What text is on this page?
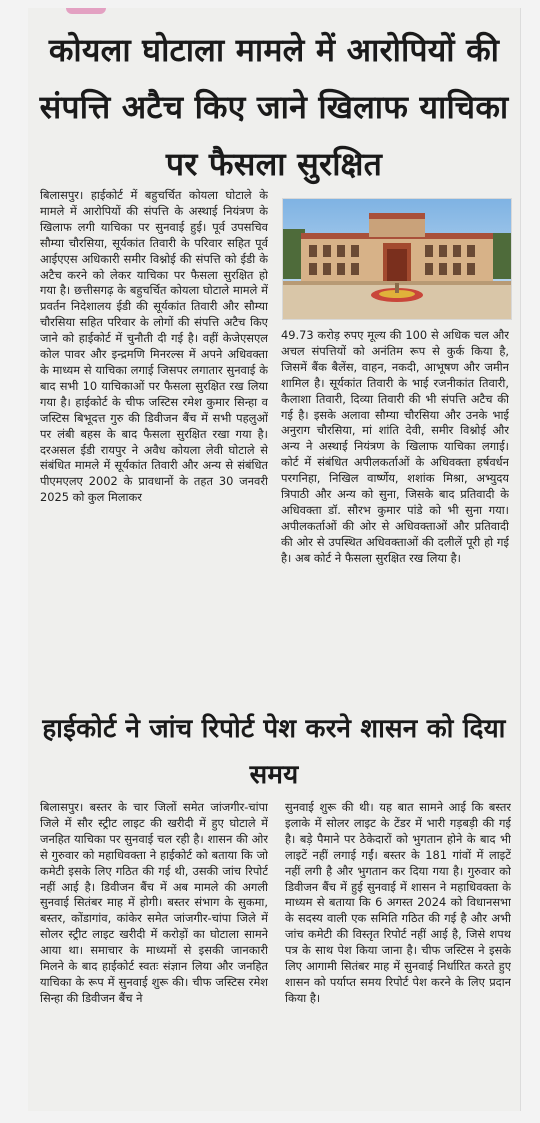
कोयला घोटाला मामले में आरोपियों की संपत्ति अटैच किए जाने खिलाफ याचिका पर फैसला सुरक्षित
बिलासपुर। हाईकोर्ट में बहुचर्चित कोयला घोटाले के मामले में आरोपियों की संपत्ति के अस्थाई नियंत्रण के खिलाफ लगी याचिका पर सुनवाई हुई। पूर्व उपसचिव सौम्या चौरसिया, सूर्यकांत तिवारी के परिवार सहित पूर्व आईएएस अधिकारी समीर विश्नोई की संपत्ति को ईडी के अटैच करने को लेकर याचिका पर फैसला सुरक्षित हो गया है। छत्तीसगढ़ के बहुचर्चित कोयला घोटाले मामले में प्रवर्तन निदेशालय ईडी की सूर्यकांत तिवारी और सौम्या चौरसिया सहित परिवार के लोगों की संपत्ति अटैच किए जाने को हाईकोर्ट में चुनौती दी गई है। वहीं केजेएसएल कोल पावर और इन्द्रमणि मिनरल्स में अपने अधिवक्ता के माध्यम से याचिका लगाई जिसपर लगातार सुनवाई के बाद सभी 10 याचिकाओं पर फैसला सुरक्षित रख लिया गया है। हाईकोर्ट के चीफ जस्टिस रमेश कुमार सिन्हा व जस्टिस बिभूदत्त गुरु की डिवीजन बैंच में सभी पहलुओं पर लंबी बहस के बाद फैसला सुरक्षित रखा गया है। दरअसल ईडी रायपुर ने अवैध कोयला लेवी घोटाले से संबंधित मामले में सूर्यकांत तिवारी और अन्य से संबंधित पीएमएलए 2002 के प्रावधानों के तहत 30 जनवरी 2025 को कुल मिलाकर
49.73 करोड़ रुपए मूल्य की 100 से अधिक चल और अचल संपत्तियों को अनंतिम रूप से कुर्क किया है, जिसमें बैंक बैलेंस, वाहन, नकदी, आभूषण और जमीन शामिल है। सूर्यकांत तिवारी के भाई रजनीकांत तिवारी, कैलाशा तिवारी, दिव्या तिवारी की भी संपत्ति अटैच की गई है। इसके अलावा सौम्या चौरसिया और उनके भाई अनुराग चौरसिया, मां शांति देवी, समीर विश्नोई और अन्य ने अस्थाई नियंत्रण के खिलाफ याचिका लगाई। कोर्ट में संबंधित अपीलकर्ताओं के अधिवक्ता हर्षवर्धन परगनिहा, निखिल वार्ष्णेय, शशांक मिश्रा, अभ्युदय त्रिपाठी और अन्य को सुना, जिसके बाद प्रतिवादी के अधिवक्ता डॉ. सौरभ कुमार पांडे को भी सुना गया। अपीलकर्ताओं की ओर से अधिवक्ताओं और प्रतिवादी की ओर से उपस्थित अधिवक्ताओं की दलीलें पूरी हो गई है। अब कोर्ट ने फैसला सुरक्षित रख लिया है।
हाईकोर्ट ने जांच रिपोर्ट पेश करने शासन को दिया समय
बिलासपुर। बस्तर के चार जिलों समेत जांजगीर-चांपा जिले में सौर स्ट्रीट लाइट की खरीदी में हुए घोटाले में जनहित याचिका पर सुनवाई चल रही है। शासन की ओर से गुरुवार को महाधिवक्ता ने हाईकोर्ट को बताया कि जो कमेटी इसके लिए गठित की गई थी, उसकी जांच रिपोर्ट नहीं आई है। डिवीजन बैंच में अब मामले की अगली सुनवाई सितंबर माह में होगी। बस्तर संभाग के सुकमा, बस्तर, कोंडागांव, कांकेर समेत जांजगीर-चांपा जिले में सोलर स्ट्रीट लाइट खरीदी में करोड़ों का घोटाला सामने आया था। समाचार के माध्यमों से इसकी जानकारी मिलने के बाद हाईकोर्ट स्वतः संज्ञान लिया और जनहित याचिका के रूप में सुनवाई शुरू की। चीफ जस्टिस रमेश सिन्हा की डिवीजन बैंच ने
सुनवाई शुरू की थी। यह बात सामने आई कि बस्तर इलाके में सोलर लाइट के टेंडर में भारी गड़बड़ी की गई है। बड़े पैमाने पर ठेकेदारों को भुगतान होने के बाद भी लाइटें नहीं लगाई गईं। बस्तर के 181 गांवों में लाइटें नहीं लगी है और भुगतान कर दिया गया है। गुरुवार को डिवीजन बैंच में हुई सुनवाई में शासन ने महाधिवक्ता के माध्यम से बताया कि 6 अगस्त 2024 को विधानसभा के सदस्य वाली एक समिति गठित की गई है और अभी जांच कमेटी की विस्तृत रिपोर्ट नहीं आई है, जिसे शपथ पत्र के साथ पेश किया जाना है। चीफ जस्टिस ने इसके लिए आगामी सितंबर माह में सुनवाई निर्धारित करते हुए शासन को पर्याप्त समय रिपोर्ट पेश करने के लिए प्रदान किया है।
